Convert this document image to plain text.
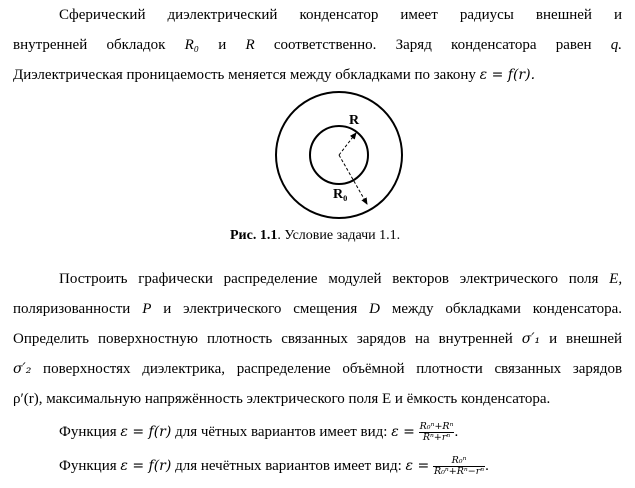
Сферический диэлектрический конденсатор имеет радиусы внешней и
внутренней обкладок R₀ и R соответственно. Заряд конденсатора равен q.
Диэлектрическая проницаемость меняется между обкладками по закону ε = f(r).
R
R₀
Рис. 1.1. Условие задачи 1.1.
Построить графически распределение модулей векторов электрического поля E,
поляризованности P и электрического смещения D между обкладками конденсатора.
Определить поверхностную плотность связанных зарядов на внутренней σ′₁ и внешней
σ′₂ поверхностях диэлектрика, распределение объёмной плотности связанных зарядов
ρ′(r), максимальную напряжённость электрического поля E и ёмкость конденсатора.
Функция ε = f(r) для чётных вариантов имеет вид: $\varepsilon = \frac{\text{R₀ⁿ+Rⁿ}}{\text{Rⁿ+rⁿ}}$ .
Функция ε = f(r) для нечётных вариантов имеет вид: $\varepsilon = \frac{\text{R₀ⁿ}}{\text{R₀ⁿ+Rⁿ−rⁿ}}$ .
